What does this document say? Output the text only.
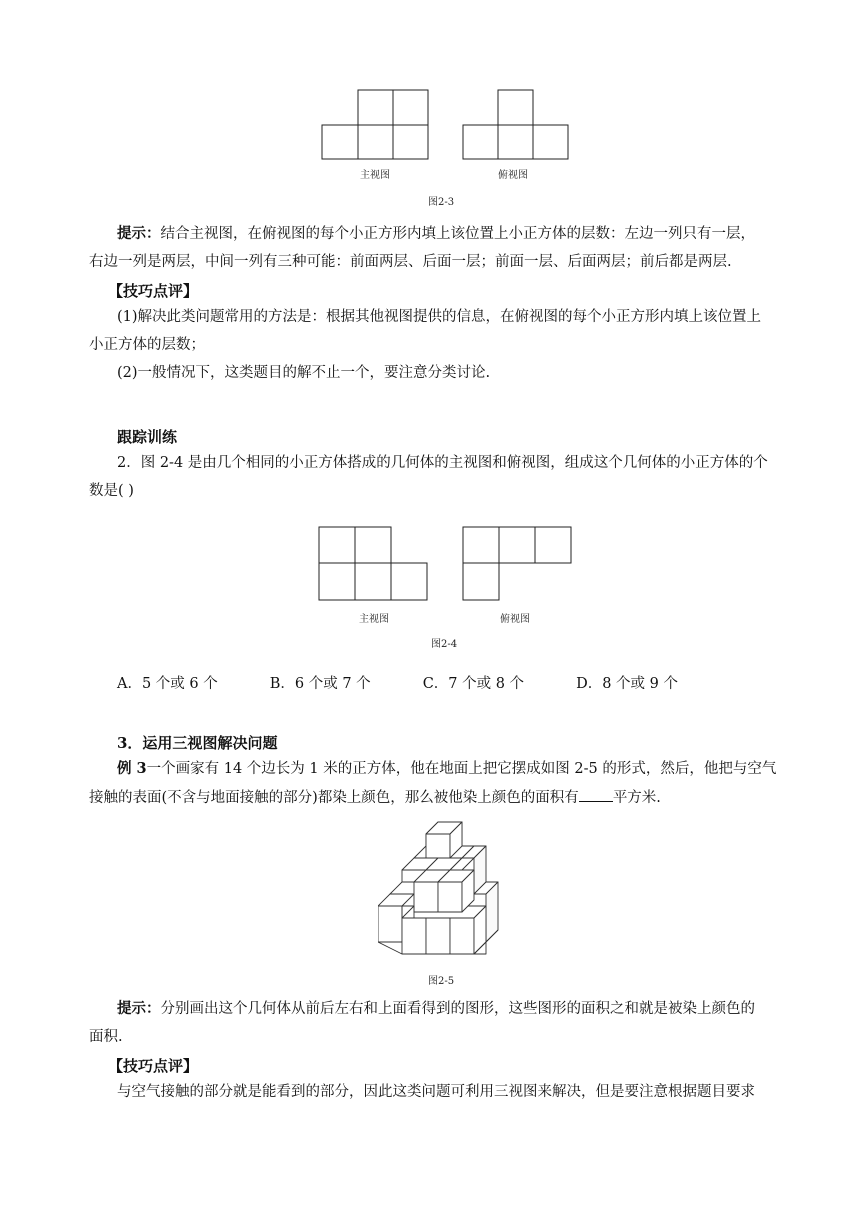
主视图	俯视图
图2-3
提示：结合主视图，在俯视图的每个小正方形内填上该位置上小正方体的层数：左边一列只有一层，
右边一列是两层，中间一列有三种可能：前面两层、后面一层；前面一层、后面两层；前后都是两层.
【技巧点评】
(1)解决此类问题常用的方法是：根据其他视图提供的信息，在俯视图的每个小正方形内填上该位置上
小正方体的层数；
(2)一般情况下，这类题目的解不止一个，要注意分类讨论.
跟踪训练
2．图 2-4 是由几个相同的小正方体搭成的几何体的主视图和俯视图，组成这个几何体的小正方体的个
数是( )
主视图	俯视图
图2-4
A．5 个或 6 个	B．6 个或 7 个	C．7 个或 8 个	D．8 个或 9 个
3．运用三视图解决问题
例 3一个画家有 14 个边长为 1 米的正方体，他在地面上把它摆成如图 2-5 的形式，然后，他把与空气
接触的表面(不含与地面接触的部分)都染上颜色，那么被他染上颜色的面积有 平方米.
图2-5
提示：分别画出这个几何体从前后左右和上面看得到的图形，这些图形的面积之和就是被染上颜色的
面积.
【技巧点评】
与空气接触的部分就是能看到的部分，因此这类问题可利用三视图来解决，但是要注意根据题目要求
